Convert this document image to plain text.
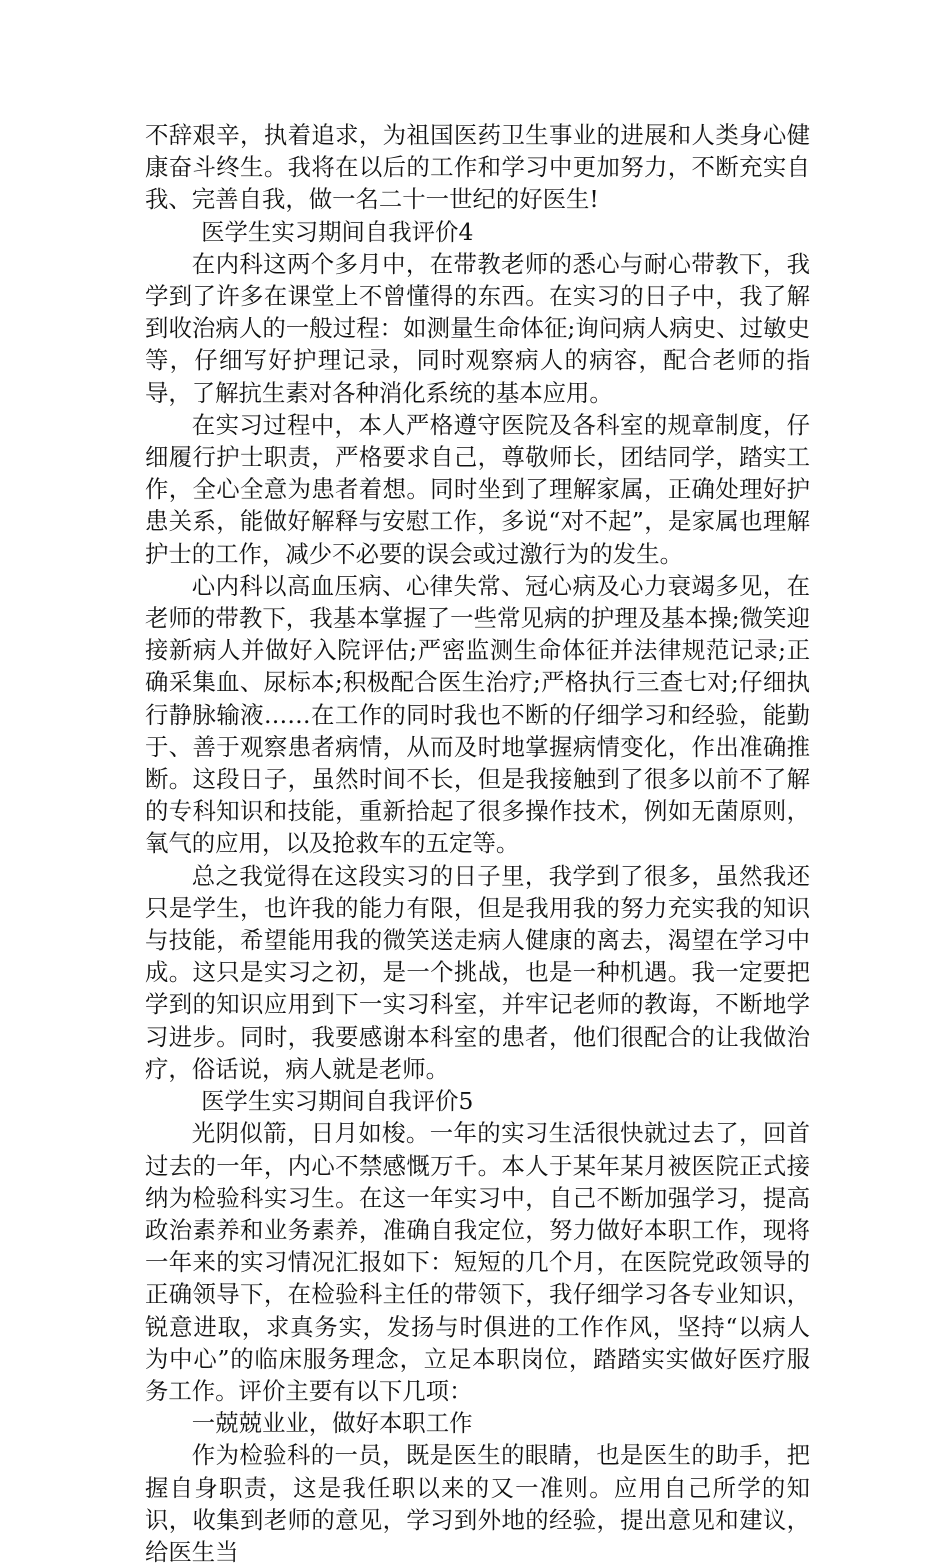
不辞艰辛，执着追求，为祖国医药卫生事业的进展和人类身心健康奋斗终生。我将在以后的工作和学习中更加努力，不断充实自我、完善自我，做一名二十一世纪的好医生!

医学生实习期间自我评价4

在内科这两个多月中，在带教老师的悉心与耐心带教下，我学到了许多在课堂上不曾懂得的东西。在实习的日子中，我了解到收治病人的一般过程：如测量生命体征;询问病人病史、过敏史等，仔细写好护理记录，同时观察病人的病容，配合老师的指导，了解抗生素对各种消化系统的基本应用。

在实习过程中，本人严格遵守医院及各科室的规章制度，仔细履行护士职责，严格要求自己，尊敬师长，团结同学，踏实工作，全心全意为患者着想。同时坐到了理解家属，正确处理好护患关系，能做好解释与安慰工作，多说“对不起”，是家属也理解护士的工作，减少不必要的误会或过激行为的发生。

心内科以高血压病、心律失常、冠心病及心力衰竭多见，在老师的带教下，我基本掌握了一些常见病的护理及基本操;微笑迎接新病人并做好入院评估;严密监测生命体征并法律规范记录;正确采集血、尿标本;积极配合医生治疗;严格执行三查七对;仔细执行静脉输液……在工作的同时我也不断的仔细学习和经验，能勤于、善于观察患者病情，从而及时地掌握病情变化，作出准确推断。这段日子，虽然时间不长，但是我接触到了很多以前不了解的专科知识和技能，重新拾起了很多操作技术，例如无菌原则，氧气的应用，以及抢救车的五定等。

总之我觉得在这段实习的日子里，我学到了很多，虽然我还只是学生，也许我的能力有限，但是我用我的努力充实我的知识与技能，希望能用我的微笑送走病人健康的离去，渴望在学习中成。这只是实习之初，是一个挑战，也是一种机遇。我一定要把学到的知识应用到下一实习科室，并牢记老师的教诲，不断地学习进步。同时，我要感谢本科室的患者，他们很配合的让我做治疗，俗话说，病人就是老师。

医学生实习期间自我评价5

光阴似箭，日月如梭。一年的实习生活很快就过去了，回首过去的一年，内心不禁感慨万千。本人于某年某月被医院正式接纳为检验科实习生。在这一年实习中，自己不断加强学习，提高政治素养和业务素养，准确自我定位，努力做好本职工作，现将一年来的实习情况汇报如下：短短的几个月，在医院党政领导的正确领导下，在检验科主任的带领下，我仔细学习各专业知识，锐意进取，求真务实，发扬与时俱进的工作作风，坚持“以病人为中心”的临床服务理念，立足本职岗位，踏踏实实做好医疗服务工作。评价主要有以下几项：

一兢兢业业，做好本职工作

作为检验科的一员，既是医生的眼睛，也是医生的助手，把握自身职责，这是我任职以来的又一准则。应用自己所学的知识，收集到老师的意见，学习到外地的经验，提出意见和建议，给医生当
